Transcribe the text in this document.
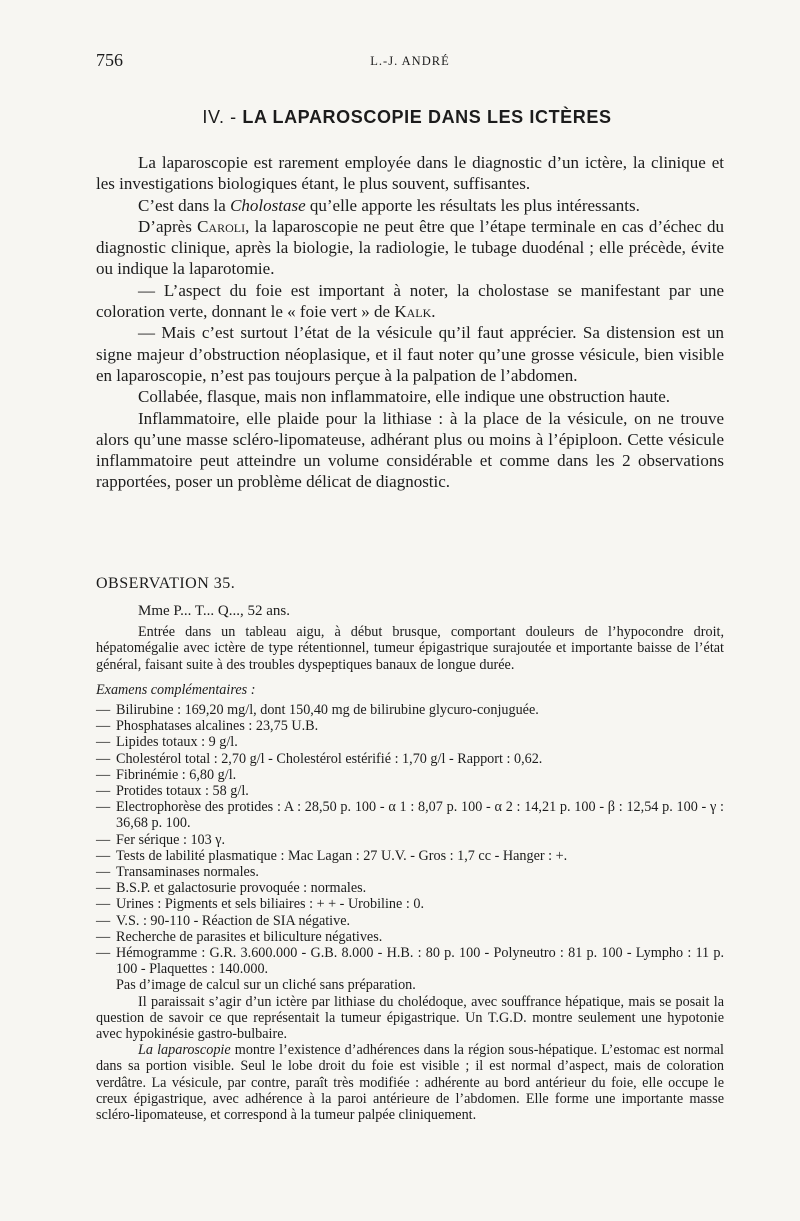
756	L.-J. ANDRÉ
IV. - LA LAPAROSCOPIE DANS LES ICTÈRES

La laparoscopie est rarement employée dans le diagnostic d’un ictère, la clinique et les investigations biologiques étant, le plus souvent, suffisantes.

C’est dans la Cholostase qu’elle apporte les résultats les plus intéressants.

D’après Caroli, la laparoscopie ne peut être que l’étape terminale en cas d’échec du diagnostic clinique, après la biologie, la radiologie, le tubage duodénal ; elle précède, évite ou indique la laparotomie.

— L’aspect du foie est important à noter, la cholostase se manifestant par une coloration verte, donnant le « foie vert » de Kalk.

— Mais c’est surtout l’état de la vésicule qu’il faut apprécier. Sa distension est un signe majeur d’obstruction néoplasique, et il faut noter qu’une grosse vésicule, bien visible en laparoscopie, n’est pas toujours perçue à la palpation de l’abdomen.

Collabée, flasque, mais non inflammatoire, elle indique une obstruction haute.

Inflammatoire, elle plaide pour la lithiase : à la place de la vésicule, on ne trouve alors qu’une masse scléro-lipomateuse, adhérant plus ou moins à l’épiploon. Cette vésicule inflammatoire peut atteindre un volume considérable et comme dans les 2 observations rapportées, poser un problème délicat de diagnostic.

OBSERVATION 35.

Mme P... T... Q..., 52 ans.

Entrée dans un tableau aigu, à début brusque, comportant douleurs de l’hypocondre droit, hépatomégalie avec ictère de type rétentionnel, tumeur épigastrique surajoutée et importante baisse de l’état général, faisant suite à des troubles dyspeptiques banaux de longue durée.

Examens complémentaires :

— Bilirubine : 169,20 mg/l, dont 150,40 mg de bilirubine glycuro-conjuguée.
— Phosphatases alcalines : 23,75 U.B.
— Lipides totaux : 9 g/l.
— Cholestérol total : 2,70 g/l - Cholestérol estérifié : 1,70 g/l - Rapport : 0,62.
— Fibrinémie : 6,80 g/l.
— Protides totaux : 58 g/l.
— Electrophorèse des protides : A : 28,50 p. 100 - α 1 : 8,07 p. 100 - α 2 : 14,21 p. 100 - β : 12,54 p. 100 - γ : 36,68 p. 100.
— Fer sérique : 103 γ.
— Tests de labilité plasmatique : Mac Lagan : 27 U.V. - Gros : 1,7 cc - Hanger : +.
— Transaminases normales.
— B.S.P. et galactosurie provoquée : normales.
— Urines : Pigments et sels biliaires : + + - Urobiline : 0.
— V.S. : 90-110 - Réaction de SIA négative.
— Recherche de parasites et biliculture négatives.
— Hémogramme : G.R. 3.600.000 - G.B. 8.000 - H.B. : 80 p. 100 - Polyneutro : 81 p. 100 - Lympho : 11 p. 100 - Plaquettes : 140.000.

Pas d’image de calcul sur un cliché sans préparation.

Il paraissait s’agir d’un ictère par lithiase du cholédoque, avec souffrance hépatique, mais se posait la question de savoir ce que représentait la tumeur épigastrique. Un T.G.D. montre seulement une hypotonie avec hypokinésie gastro-bulbaire.

La laparoscopie montre l’existence d’adhérences dans la région sous-hépatique. L’estomac est normal dans sa portion visible. Seul le lobe droit du foie est visible ; il est normal d’aspect, mais de coloration verdâtre. La vésicule, par contre, paraît très modifiée : adhérente au bord antérieur du foie, elle occupe le creux épigastrique, avec adhérence à la paroi antérieure de l’abdomen. Elle forme une importante masse scléro-lipomateuse, et correspond à la tumeur palpée cliniquement.
